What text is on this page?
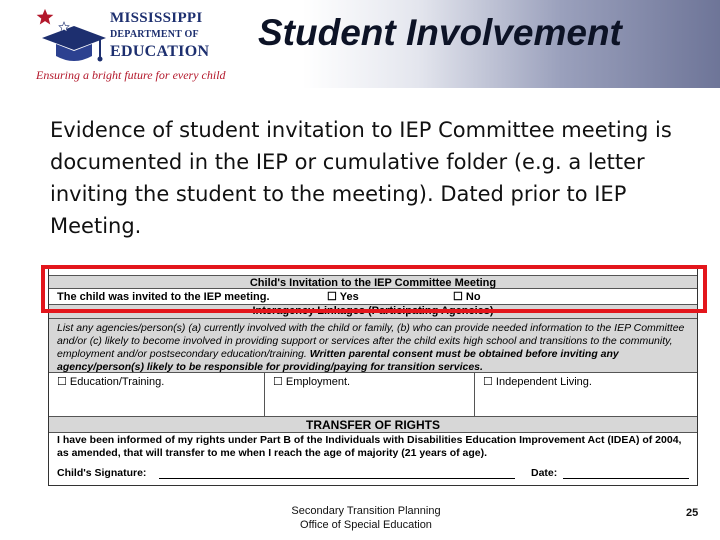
MISSISSIPPI
DEPARTMENT OF
EDUCATION
Ensuring a bright future for every child
Student Involvement
Evidence of student invitation to IEP Committee meeting is documented in the IEP or cumulative folder (e.g. a letter inviting the student to the meeting). Dated prior to IEP Meeting.
Child's Invitation to the IEP Committee Meeting
The child was invited to the IEP meeting.	☐ Yes	☐ No
Interagency Linkages (Participating Agencies)
List any agencies/person(s) (a) currently involved with the child or family, (b) who can provide needed information to the IEP Committee and/or (c) likely to become involved in providing support or services after the child exits high school and transitions to the community, employment and/or postsecondary education/training. Written parental consent must be obtained before inviting any agency/person(s) likely to be responsible for providing/paying for transition services.
☐ Education/Training.	☐ Employment.	☐ Independent Living.
TRANSFER OF RIGHTS
I have been informed of my rights under Part B of the Individuals with Disabilities Education Improvement Act (IDEA) of 2004, as amended, that will transfer to me when I reach the age of majority (21 years of age).
Child's Signature:	Date:
Secondary Transition Planning
Office of Special Education
25
